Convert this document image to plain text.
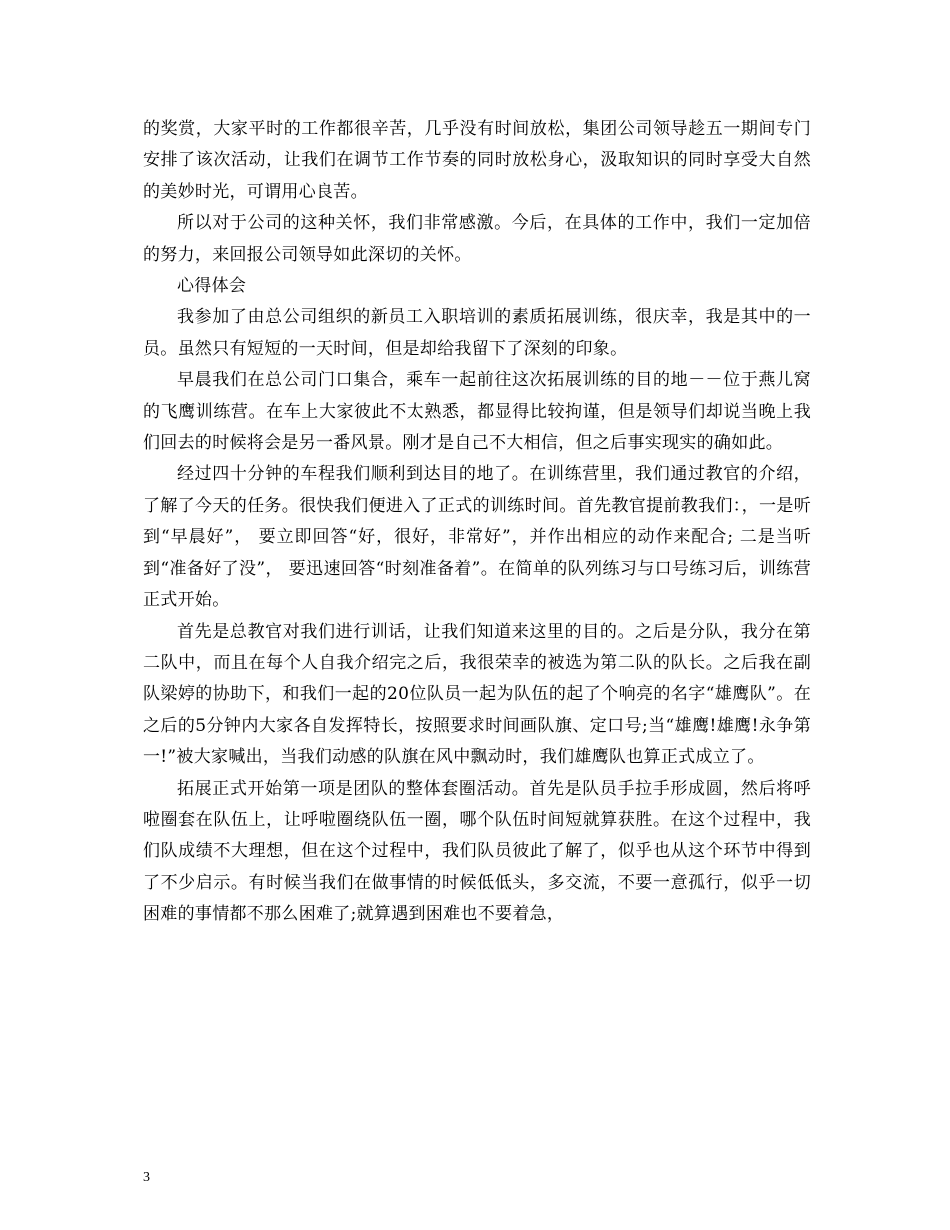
的奖赏，大家平时的工作都很辛苦，几乎没有时间放松，集团公司领导趁五一期间专门安排了该次活动，让我们在调节工作节奏的同时放松身心，汲取知识的同时享受大自然的美妙时光，可谓用心良苦。

所以对于公司的这种关怀，我们非常感激。今后，在具体的工作中，我们一定加倍的努力，来回报公司领导如此深切的关怀。

心得体会

我参加了由总公司组织的新员工入职培训的素质拓展训练，很庆幸，我是其中的一员。虽然只有短短的一天时间，但是却给我留下了深刻的印象。

早晨我们在总公司门口集合，乘车一起前往这次拓展训练的目的地－－位于燕儿窝的飞鹰训练营。在车上大家彼此不太熟悉，都显得比较拘谨，但是领导们却说当晚上我们回去的时候将会是另一番风景。刚才是自己不大相信，但之后事实现实的确如此。

经过四十分钟的车程我们顺利到达目的地了。在训练营里，我们通过教官的介绍，了解了今天的任务。很快我们便进入了正式的训练时间。首先教官提前教我们：，一是听到“早晨好”， 要立即回答“好，很好，非常好”，并作出相应的动作来配合; 二是当听到“准备好了没”， 要迅速回答“时刻准备着”。在简单的队列练习与口号练习后，训练营正式开始。

首先是总教官对我们进行训话，让我们知道来这里的目的。之后是分队，我分在第二队中，而且在每个人自我介绍完之后，我很荣幸的被选为第二队的队长。之后我在副队梁婷的协助下，和我们一起的20位队员一起为队伍的起了个响亮的名字“雄鹰队”。在之后的5分钟内大家各自发挥特长，按照要求时间画队旗、定口号;当“雄鹰!雄鹰!永争第一!”被大家喊出，当我们动感的队旗在风中飘动时，我们雄鹰队也算正式成立了。

拓展正式开始第一项是团队的整体套圈活动。首先是队员手拉手形成圆，然后将呼啦圈套在队伍上，让呼啦圈绕队伍一圈，哪个队伍时间短就算获胜。在这个过程中，我们队成绩不大理想，但在这个过程中，我们队员彼此了解了，似乎也从这个环节中得到了不少启示。有时候当我们在做事情的时候低低头，多交流，不要一意孤行，似乎一切困难的事情都不那么困难了;就算遇到困难也不要着急，

3
